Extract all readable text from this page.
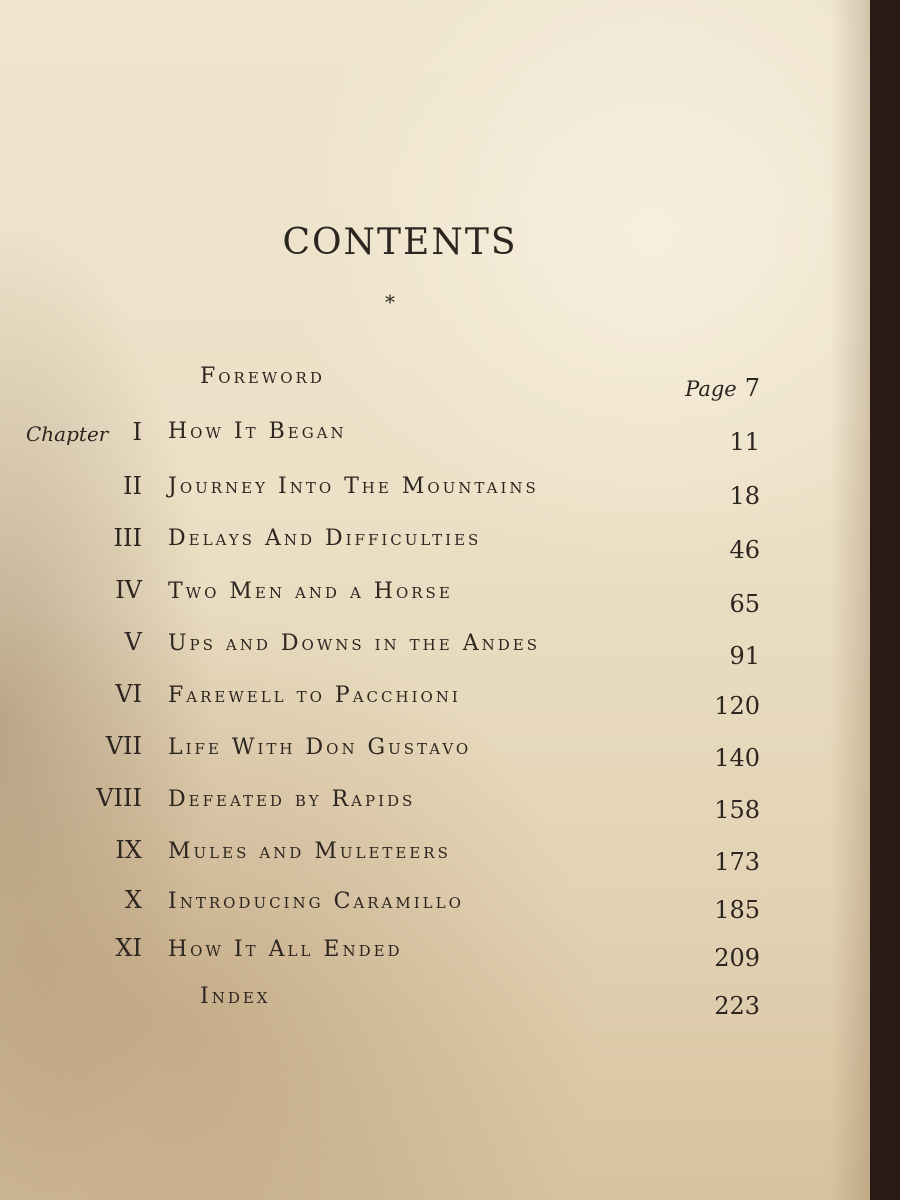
CONTENTS
*
Foreword	Page 7
Chapter I How It Began	11
II Journey Into The Mountains	18
III Delays And Difficulties	46
IV Two Men and a Horse	65
V Ups and Downs in the Andes	91
VI Farewell to Pacchioni	120
VII Life With Don Gustavo	140
VIII Defeated by Rapids	158
IX Mules and Muleteers	173
X Introducing Caramillo	185
XI How It All Ended	209
Index	223
